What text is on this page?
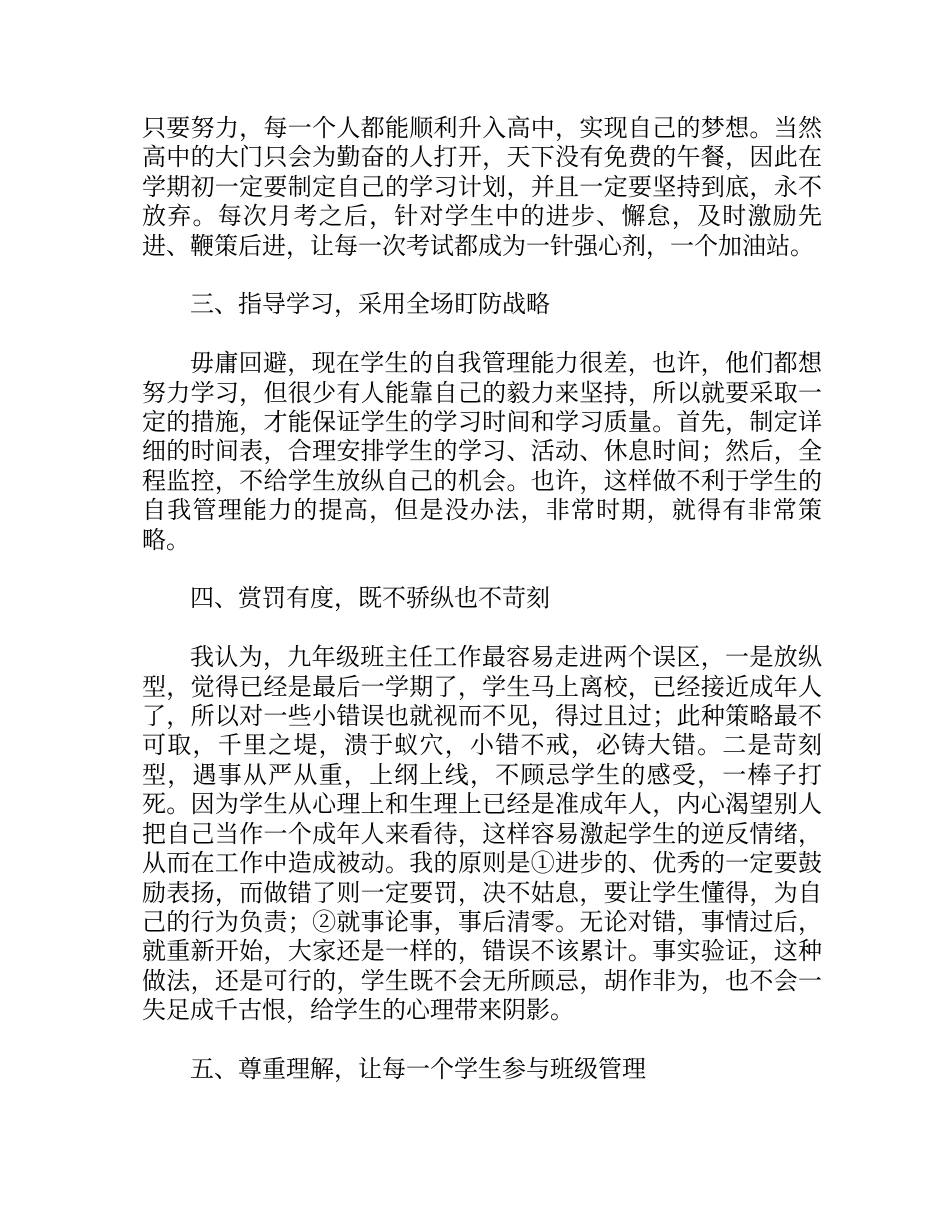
只要努力，每一个人都能顺利升入高中，实现自己的梦想。当然高中的大门只会为勤奋的人打开，天下没有免费的午餐，因此在学期初一定要制定自己的学习计划，并且一定要坚持到底，永不放弃。每次月考之后，针对学生中的进步、懈怠，及时激励先进、鞭策后进，让每一次考试都成为一针强心剂，一个加油站。

三、指导学习，采用全场盯防战略

毋庸回避，现在学生的自我管理能力很差，也许，他们都想努力学习，但很少有人能靠自己的毅力来坚持，所以就要采取一定的措施，才能保证学生的学习时间和学习质量。首先，制定详细的时间表，合理安排学生的学习、活动、休息时间；然后，全程监控，不给学生放纵自己的机会。也许，这样做不利于学生的自我管理能力的提高，但是没办法，非常时期，就得有非常策略。

四、赏罚有度，既不骄纵也不苛刻

我认为，九年级班主任工作最容易走进两个误区，一是放纵型，觉得已经是最后一学期了，学生马上离校，已经接近成年人了，所以对一些小错误也就视而不见，得过且过；此种策略最不可取，千里之堤，溃于蚁穴，小错不戒，必铸大错。二是苛刻型，遇事从严从重，上纲上线，不顾忌学生的感受，一棒子打死。因为学生从心理上和生理上已经是准成年人，内心渴望别人把自己当作一个成年人来看待，这样容易激起学生的逆反情绪，从而在工作中造成被动。我的原则是①进步的、优秀的一定要鼓励表扬，而做错了则一定要罚，决不姑息，要让学生懂得，为自己的行为负责；②就事论事，事后清零。无论对错，事情过后，就重新开始，大家还是一样的，错误不该累计。事实验证，这种做法，还是可行的，学生既不会无所顾忌，胡作非为，也不会一失足成千古恨，给学生的心理带来阴影。

五、尊重理解，让每一个学生参与班级管理
